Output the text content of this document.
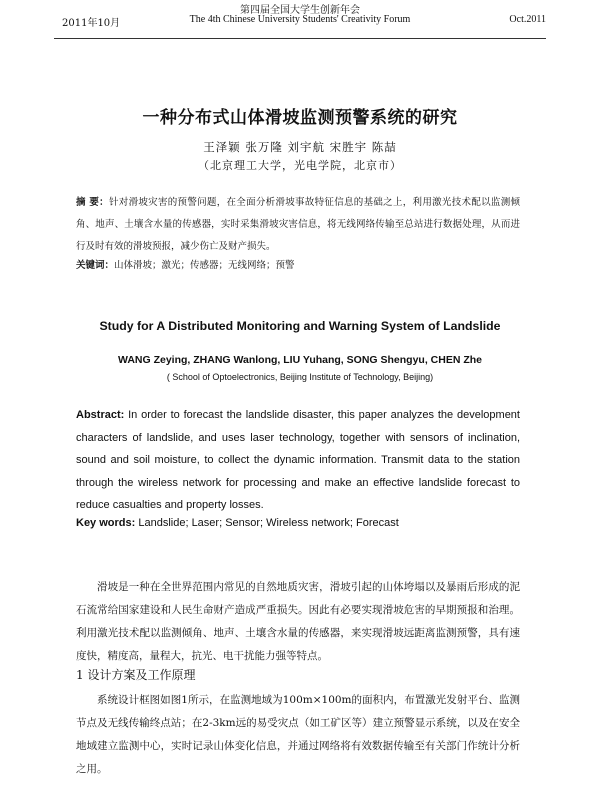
第四届全国大学生创新年会
2011年10月	The 4th Chinese University Students' Creativity Forum	Oct.2011
一种分布式山体滑坡监测预警系统的研究
王泽颖 张万隆 刘宇航 宋胜宇 陈喆
（北京理工大学，光电学院，北京市）
摘 要：针对滑坡灾害的预警问题，在全面分析滑坡事故特征信息的基础之上，利用激光技术配以监测倾角、地声、土壤含水量的传感器，实时采集滑坡灾害信息，将无线网络传输至总站进行数据处理，从而进行及时有效的滑坡预报，减少伤亡及财产损失。
关键词：山体滑坡；激光；传感器；无线网络；预警
Study for A Distributed Monitoring and Warning System of Landslide
WANG Zeying, ZHANG Wanlong, LIU Yuhang, SONG Shengyu, CHEN Zhe
( School of Optoelectronics, Beijing Institute of Technology, Beijing)
Abstract: In order to forecast the landslide disaster, this paper analyzes the development characters of landslide, and uses laser technology, together with sensors of inclination, sound and soil moisture, to collect the dynamic information. Transmit data to the station through the wireless network for processing and make an effective landslide forecast to reduce casualties and property losses.
Key words: Landslide; Laser; Sensor; Wireless network; Forecast
滑坡是一种在全世界范围内常见的自然地质灾害，滑坡引起的山体垮塌以及暴雨后形成的泥石流常给国家建设和人民生命财产造成严重损失。因此有必要实现滑坡危害的早期预报和治理。利用激光技术配以监测倾角、地声、土壤含水量的传感器，来实现滑坡远距离监测预警，具有速度快，精度高，量程大，抗光、电干扰能力强等特点。
1 设计方案及工作原理
系统设计框图如图1所示，在监测地域为100m×100m的面积内，布置激光发射平台、监测节点及无线传输终点站；在2-3km远的易受灾点（如工矿区等）建立预警显示系统，以及在安全地域建立监测中心，实时记录山体变化信息，并通过网络将有效数据传输至有关部门作统计分析之用。
